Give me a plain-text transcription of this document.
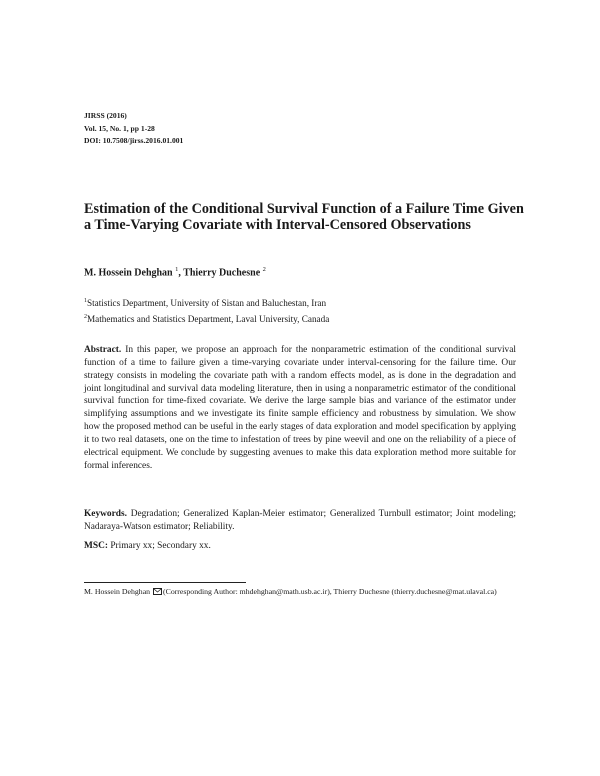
JIRSS (2016)
Vol. 15, No. 1, pp 1-28
DOI: 10.7508/jirss.2016.01.001
Estimation of the Conditional Survival Function of a Failure Time Given a Time-Varying Covariate with Interval-Censored Observations
M. Hossein Dehghan $^1$, Thierry Duchesne $^2$
$^1$Statistics Department, University of Sistan and Baluchestan, Iran
$^2$Mathematics and Statistics Department, Laval University, Canada

Abstract. In this paper, we propose an approach for the nonparametric estimation of the conditional survival function of a time to failure given a time-varying covariate under interval-censoring for the failure time. Our strategy consists in modeling the covariate path with a random effects model, as is done in the degradation and joint longitudinal and survival data modeling literature, then in using a nonparametric estimator of the conditional survival function for time-fixed covariate. We derive the large sample bias and variance of the estimator under simplifying assumptions and we investigate its finite sample efficiency and robustness by simulation. We show how the proposed method can be useful in the early stages of data exploration and model specification by applying it to two real datasets, one on the time to infestation of trees by pine weevil and one on the reliability of a piece of electrical equipment. We conclude by suggesting avenues to make this data exploration method more suitable for formal inferences.

Keywords. Degradation; Generalized Kaplan-Meier estimator; Generalized Turnbull estimator; Joint modeling; Nadaraya-Watson estimator; Reliability.

MSC: Primary xx; Secondary xx.

M. Hossein Dehghan (Corresponding Author: mhdehghan@math.usb.ac.ir), Thierry Duchesne (thierry.duchesne@mat.ulaval.ca)
